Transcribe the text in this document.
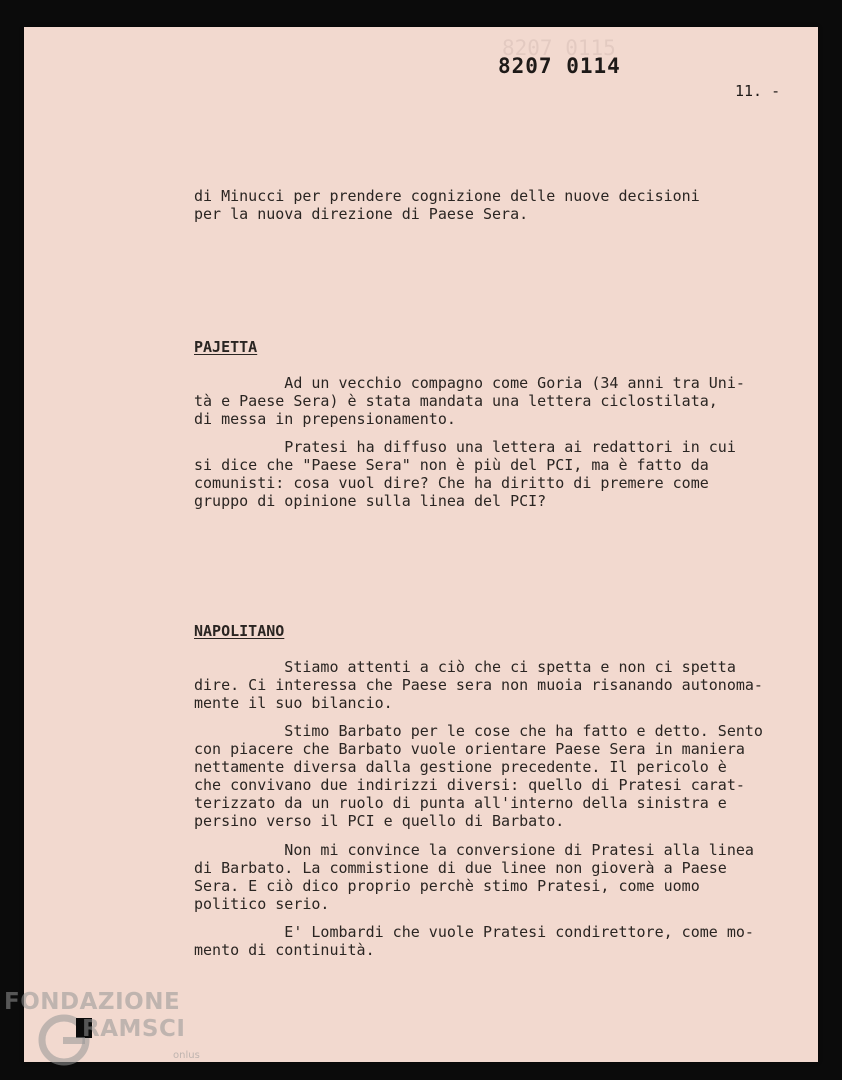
8207 0115
8207 0114
11. -
di Minucci per prendere cognizione delle nuove decisioni
per la nuova direzione di Paese Sera.
PAJETTA
Ad un vecchio compagno come Goria (34 anni tra Uni-
tà e Paese Sera) è stata mandata una lettera ciclostilata,
di messa in prepensionamento.
Pratesi ha diffuso una lettera ai redattori in cui
si dice che "Paese Sera" non è più del PCI, ma è fatto da
comunisti: cosa vuol dire? Che ha diritto di premere come
gruppo di opinione sulla linea del PCI?
NAPOLITANO
Stiamo attenti a ciò che ci spetta e non ci spetta
dire. Ci interessa che Paese sera non muoia risanando autonoma-
mente il suo bilancio.
Stimo Barbato per le cose che ha fatto e detto. Sento
con piacere che Barbato vuole orientare Paese Sera in maniera
nettamente diversa dalla gestione precedente. Il pericolo è
che convivano due indirizzi diversi: quello di Pratesi carat-
terizzato da un ruolo di punta all'interno della sinistra e
persino verso il PCI e quello di Barbato.
Non mi convince la conversione di Pratesi alla linea
di Barbato. La commistione di due linee non gioverà a Paese
Sera. E ciò dico proprio perchè stimo Pratesi, come uomo
politico serio.
E' Lombardi che vuole Pratesi condirettore, come mo-
mento di continuità.
FONDAZIONE
RAMSCI
onlus
